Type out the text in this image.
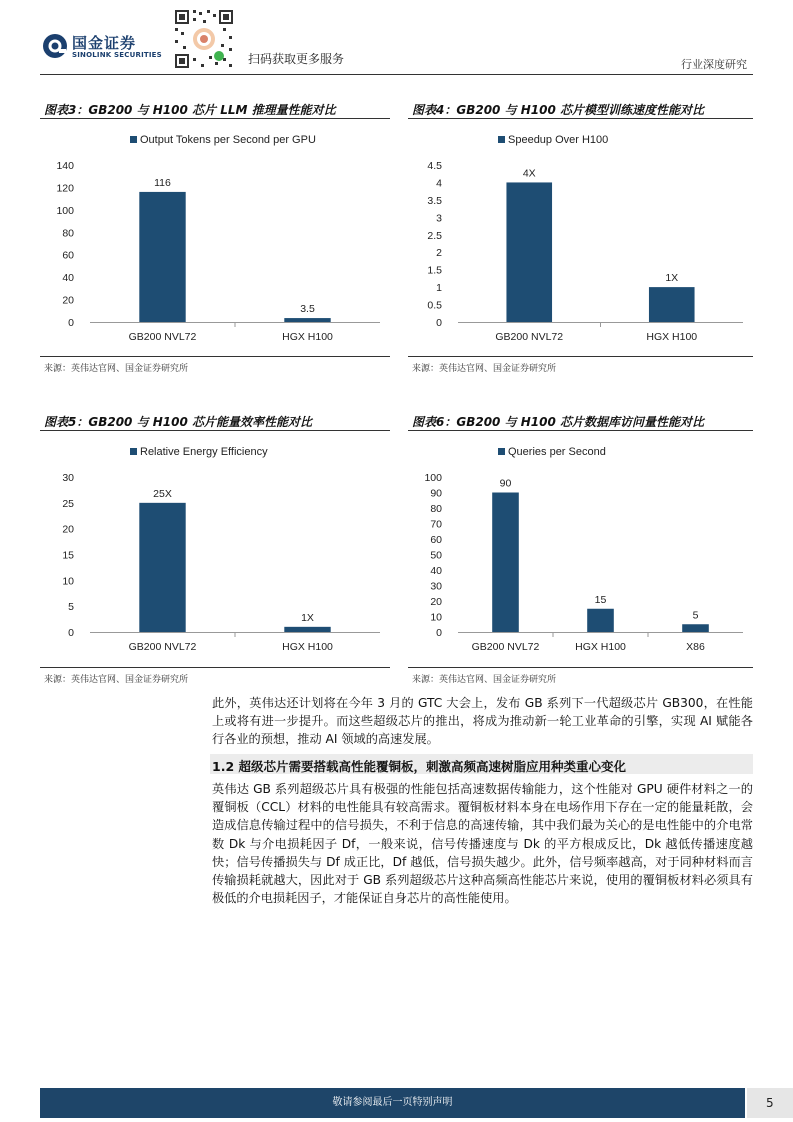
国金证券
SINOLINK SECURITIES	扫码获取更多服务	行业深度研究
图表3：GB200 与 H100 芯片 LLM 推理量性能对比	图表4：GB200 与 H100 芯片模型训练速度性能对比
图表5：GB200 与 H100 芯片能量效率性能对比	图表6：GB200 与 H100 芯片数据库访问量性能对比
Output Tokens per Second per GPU
0
20
40
60
80
100
120
140
116
GB200 NVL72
3.5
HGX H100
Speedup Over H100
0
0.5
1
1.5
2
2.5
3
3.5
4
4.5
4X
GB200 NVL72
1X
HGX H100
Relative Energy Efficiency
0
5
10
15
20
25
30
25X
GB200 NVL72
1X
HGX H100
Queries per Second
0
10
20
30
40
50
60
70
80
90
100	90
GB200 NVL72
15
HGX H100
5
X86
来源：英伟达官网、国金证券研究所	来源：英伟达官网、国金证券研究所
来源：英伟达官网、国金证券研究所	来源：英伟达官网、国金证券研究所

此外，英伟达还计划将在今年 3 月的 GTC 大会上，发布 GB 系列下一代超级芯片 GB300，在性能上或将有进一步提升。而这些超级芯片的推出，将成为推动新一轮工业革命的引擎，实现 AI 赋能各行各业的预想，推动 AI 领域的高速发展。

1.2 超级芯片需要搭载高性能覆铜板，刺激高频高速树脂应用种类重心变化

英伟达 GB 系列超级芯片具有极强的性能包括高速数据传输能力，这个性能对 GPU 硬件材料之一的覆铜板（CCL）材料的电性能具有较高需求。覆铜板材料本身在电场作用下存在一定的能量耗散，会造成信息传输过程中的信号损失，不利于信息的高速传输，其中我们最为关心的是电性能中的介电常数 Dk 与介电损耗因子 Df，一般来说，信号传播速度与 Dk 的平方根成反比，Dk 越低传播速度越快；信号传播损失与 Df 成正比，Df 越低，信号损失越少。此外，信号频率越高，对于同种材料而言传输损耗就越大，因此对于 GB 系列超级芯片这种高频高性能芯片来说，使用的覆铜板材料必须具有极低的介电损耗因子，才能保证自身芯片的高性能使用。

敬请参阅最后一页特别声明	5
